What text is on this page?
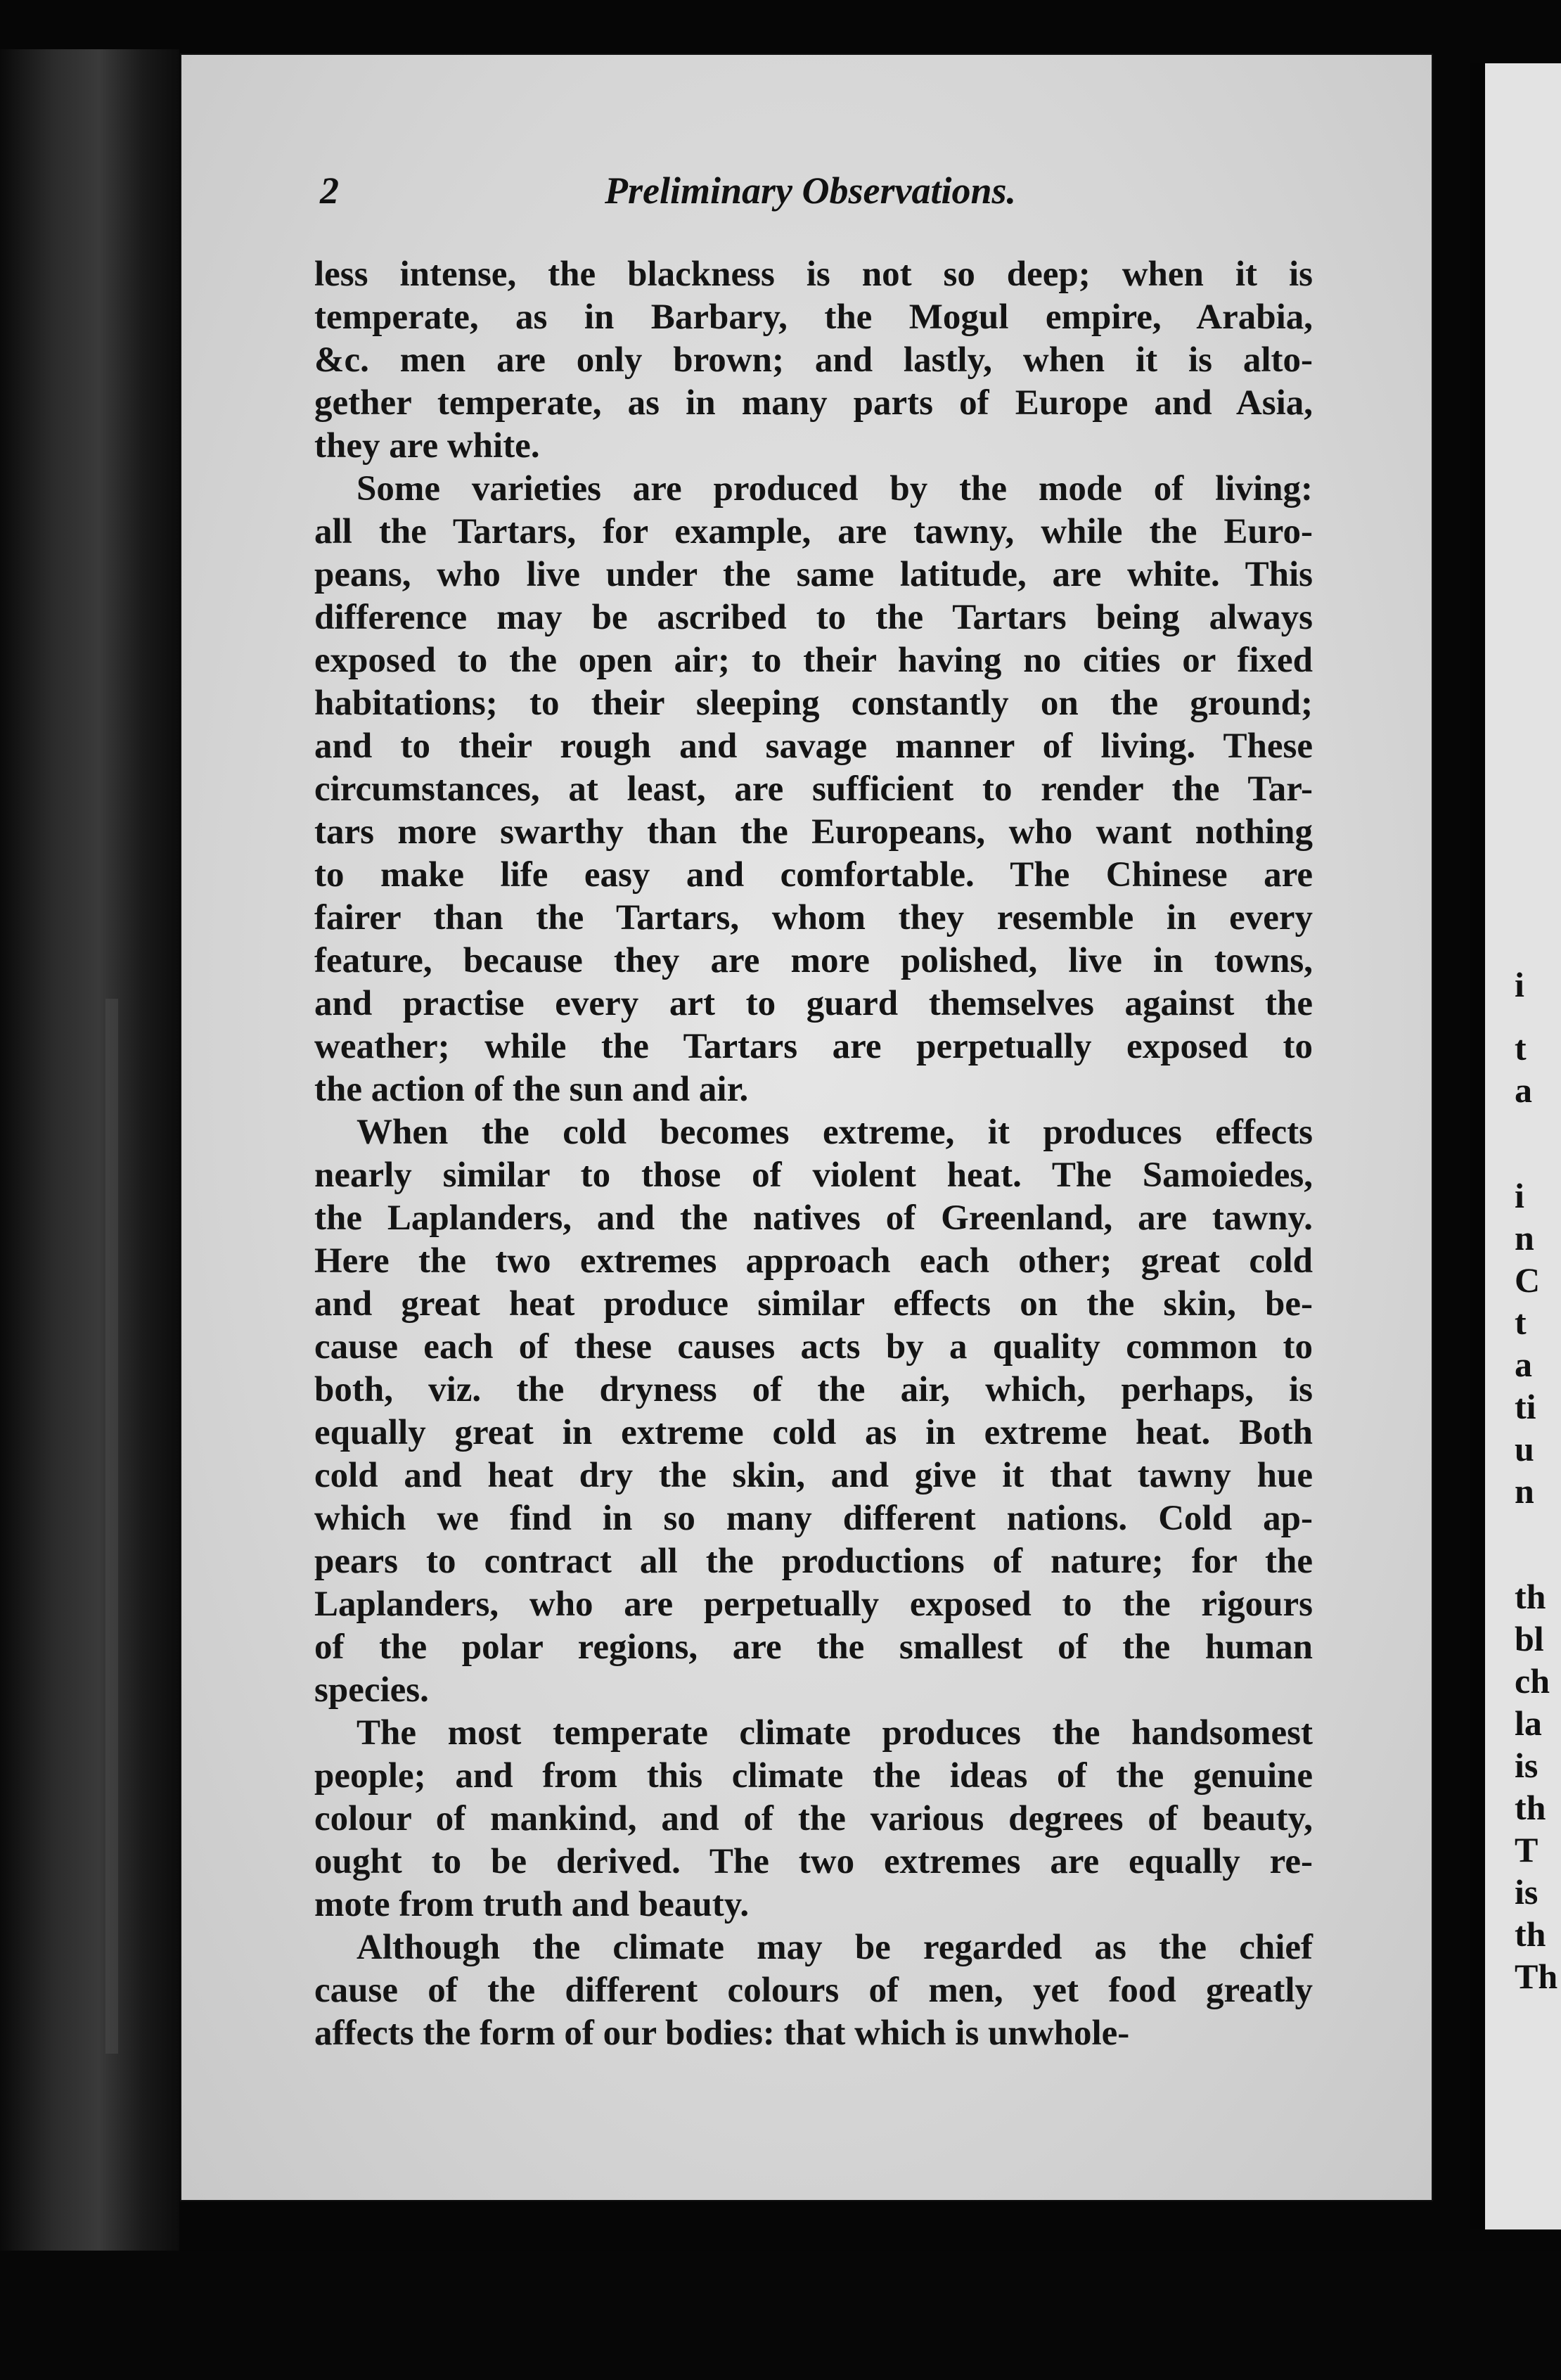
i
t
a
i
n
C
t
a
ti
u
n
th
bl
ch
la
is
th
T
is
th
Th
2	Preliminary Observations.
less intense, the blackness is not so deep; when it is
temperate, as in Barbary, the Mogul empire, Arabia,
&c. men are only brown; and lastly, when it is alto-
gether temperate, as in many parts of Europe and Asia,
they are white.
Some varieties are produced by the mode of living:
all the Tartars, for example, are tawny, while the Euro-
peans, who live under the same latitude, are white. This
difference may be ascribed to the Tartars being always
exposed to the open air; to their having no cities or fixed
habitations; to their sleeping constantly on the ground;
and to their rough and savage manner of living. These
circumstances, at least, are sufficient to render the Tar-
tars more swarthy than the Europeans, who want nothing
to make life easy and comfortable. The Chinese are
fairer than the Tartars, whom they resemble in every
feature, because they are more polished, live in towns,
and practise every art to guard themselves against the
weather; while the Tartars are perpetually exposed to
the action of the sun and air.
When the cold becomes extreme, it produces effects
nearly similar to those of violent heat. The Samoiedes,
the Laplanders, and the natives of Greenland, are tawny.
Here the two extremes approach each other; great cold
and great heat produce similar effects on the skin, be-
cause each of these causes acts by a quality common to
both, viz. the dryness of the air, which, perhaps, is
equally great in extreme cold as in extreme heat. Both
cold and heat dry the skin, and give it that tawny hue
which we find in so many different nations. Cold ap-
pears to contract all the productions of nature; for the
Laplanders, who are perpetually exposed to the rigours
of the polar regions, are the smallest of the human
species.
The most temperate climate produces the handsomest
people; and from this climate the ideas of the genuine
colour of mankind, and of the various degrees of beauty,
ought to be derived. The two extremes are equally re-
mote from truth and beauty.
Although the climate may be regarded as the chief
cause of the different colours of men, yet food greatly
affects the form of our bodies: that which is unwhole-
